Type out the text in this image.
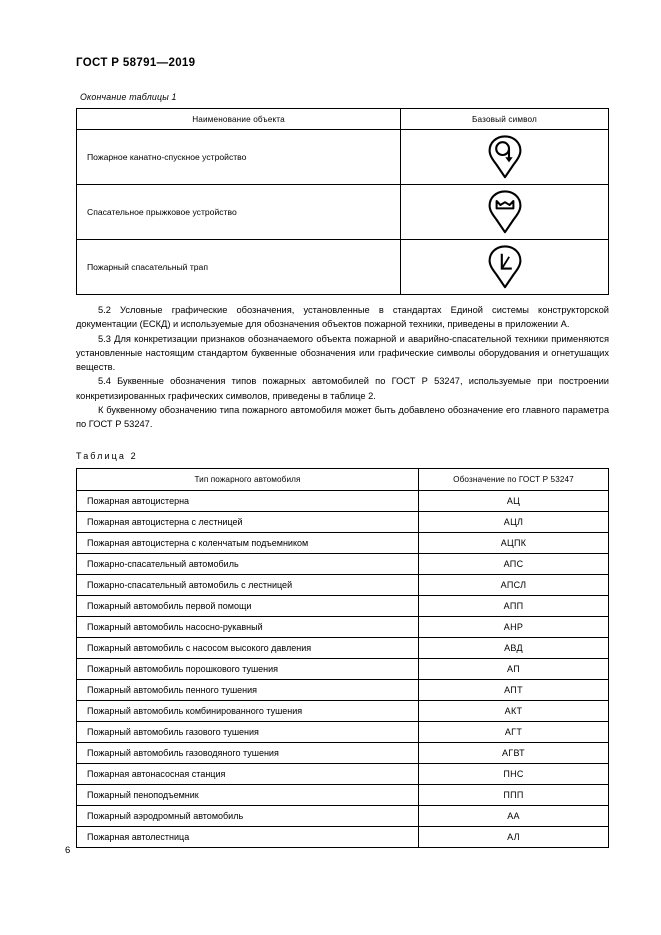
ГОСТ Р 58791—2019
Окончание таблицы 1
Наименование объекта	Базовый символ
Пожарное канатно-спускное устройство	

Спасательное прыжковое устройство	

Пожарный спасательный трап	

5.2 Условные графические обозначения, установленные в стандартах Единой системы конструкторской документации (ЕСКД) и используемые для обозначения объектов пожарной техники, приведены в приложении А.

5.3 Для конкретизации признаков обозначаемого объекта пожарной и аварийно-спасательной техники применяются установленные настоящим стандартом буквенные обозначения или графические символы оборудования и огнетушащих веществ.

5.4 Буквенные обозначения типов пожарных автомобилей по ГОСТ Р 53247, используемые при построении конкретизированных графических символов, приведены в таблице 2.

К буквенному обозначению типа пожарного автомобиля может быть добавлено обозначение его главного параметра по ГОСТ Р 53247.

Таблица 2
Тип пожарного автомобиля	Обозначение по ГОСТ Р 53247
Пожарная автоцистерна	АЦ
Пожарная автоцистерна с лестницей	АЦЛ
Пожарная автоцистерна с коленчатым подъемником	АЦПК
Пожарно-спасательный автомобиль	АПС
Пожарно-спасательный автомобиль с лестницей	АПСЛ
Пожарный автомобиль первой помощи	АПП
Пожарный автомобиль насосно-рукавный	АНР
Пожарный автомобиль с насосом высокого давления	АВД
Пожарный автомобиль порошкового тушения	АП
Пожарный автомобиль пенного тушения	АПТ
Пожарный автомобиль комбинированного тушения	АКТ
Пожарный автомобиль газового тушения	АГТ
Пожарный автомобиль газоводяного тушения	АГВТ
Пожарная автонасосная станция	ПНС
Пожарный пеноподъемник	ППП
Пожарный аэродромный автомобиль	АА
Пожарная автолестница	АЛ
6
